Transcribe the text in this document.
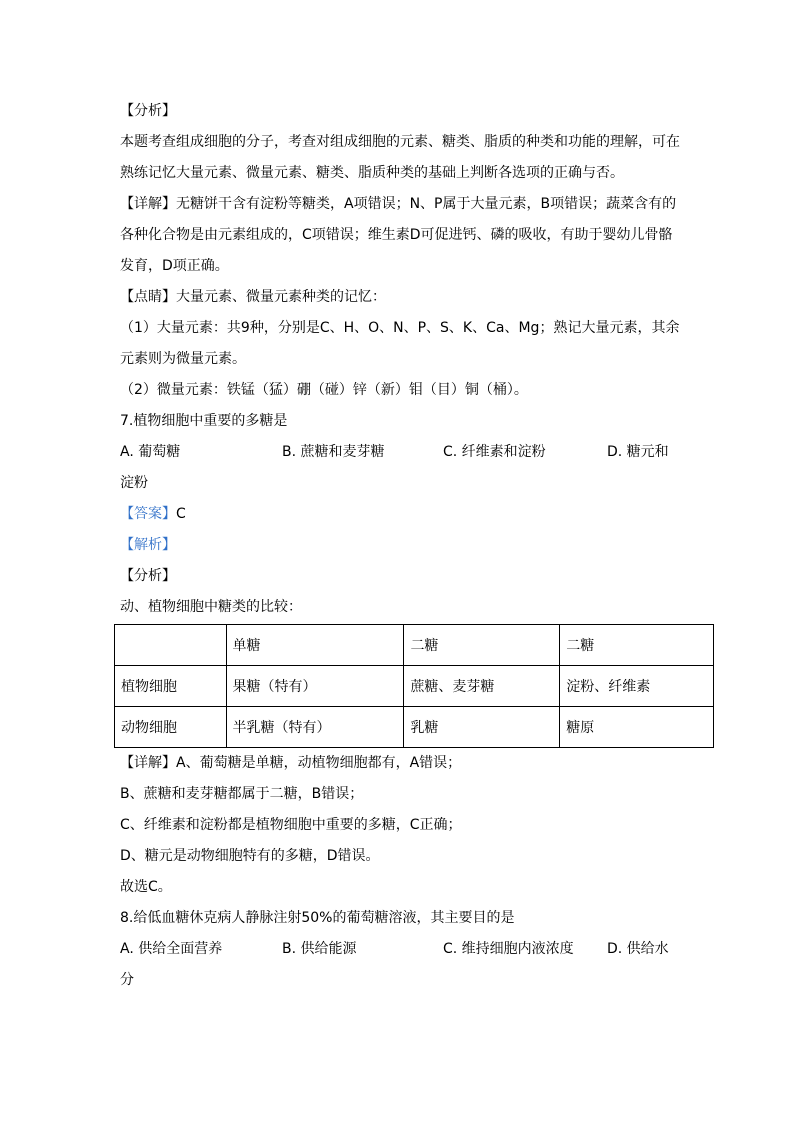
【分析】
本题考查组成细胞的分子，考查对组成细胞的元素、糖类、脂质的种类和功能的理解，可在熟练记忆大量元素、微量元素、糖类、脂质种类的基础上判断各选项的正确与否。
【详解】无糖饼干含有淀粉等糖类，A项错误；N、P属于大量元素，B项错误；蔬菜含有的各种化合物是由元素组成的，C项错误；维生素D可促进钙、磷的吸收，有助于婴幼儿骨骼发育，D项正确。
【点睛】大量元素、微量元素种类的记忆：
（1）大量元素：共9种，分别是C、H、O、N、P、S、K、Ca、Mg；熟记大量元素，其余元素则为微量元素。
（2）微量元素：铁锰（猛）硼（碰）锌（新）钼（目）铜（桶）。
7.植物细胞中重要的多糖是
A. 葡萄糖	B. 蔗糖和麦芽糖	C. 纤维素和淀粉	D. 糖元和
淀粉
【答案】C
【解析】
【分析】
动、植物细胞中糖类的比较：
	单糖	二糖	二糖
植物细胞	果糖（特有）	蔗糖、麦芽糖	淀粉、纤维素
动物细胞	半乳糖（特有）	乳糖	糖原
【详解】A、葡萄糖是单糖，动植物细胞都有，A错误；
B、蔗糖和麦芽糖都属于二糖，B错误；
C、纤维素和淀粉都是植物细胞中重要的多糖，C正确；
D、糖元是动物细胞特有的多糖，D错误。
故选C。
8.给低血糖休克病人静脉注射50%的葡萄糖溶液，其主要目的是
A. 供给全面营养	B. 供给能源	C. 维持细胞内液浓度 D. 供给水
分
